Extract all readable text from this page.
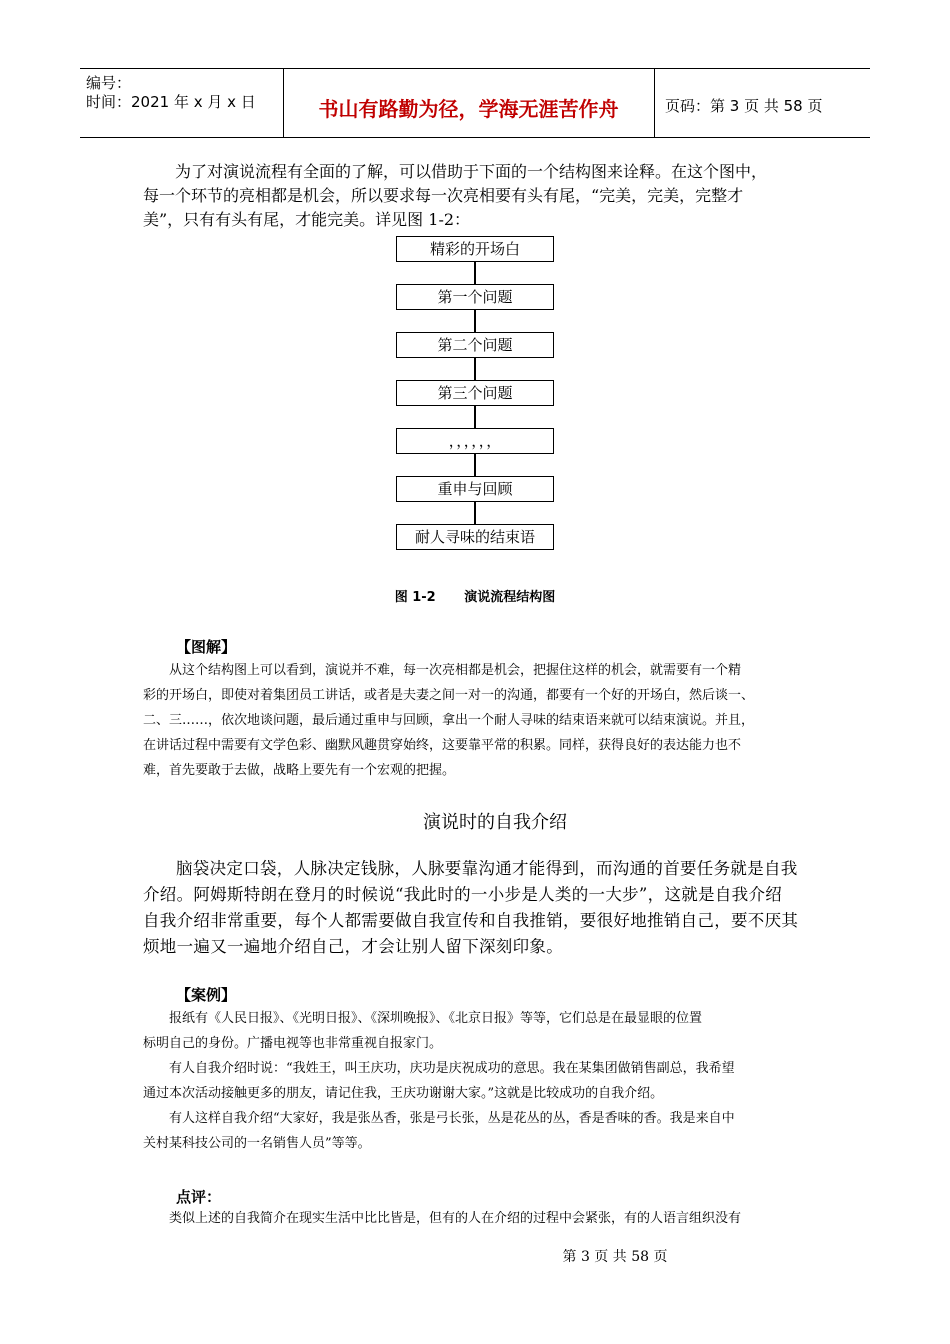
编号：
时间：2021 年 x 月 x 日	书山有路勤为径，学海无涯苦作舟	页码：第 3 页 共 58 页
为了对演说流程有全面的了解，可以借助于下面的一个结构图来诠释。在这个图中，
每一个环节的亮相都是机会，所以要求每一次亮相要有头有尾，“完美，完美，完整才
美”，只有有头有尾，才能完美。详见图 1-2：
精彩的开场白
第一个问题
第二个问题
第三个问题
，，，，，，
重申与回顾
耐人寻味的结束语
图 1-2 演说流程结构图
【图解】
从这个结构图上可以看到，演说并不难，每一次亮相都是机会，把握住这样的机会，就需要有一个精
彩的开场白，即使对着集团员工讲话，或者是夫妻之间一对一的沟通，都要有一个好的开场白，然后谈一、
二、三……，依次地谈问题，最后通过重申与回顾，拿出一个耐人寻味的结束语来就可以结束演说。并且，
在讲话过程中需要有文学色彩、幽默风趣贯穿始终，这要靠平常的积累。同样，获得良好的表达能力也不
难，首先要敢于去做，战略上要先有一个宏观的把握。
演说时的自我介绍
脑袋决定口袋，人脉决定钱脉，人脉要靠沟通才能得到，而沟通的首要任务就是自我
介绍。阿姆斯特朗在登月的时候说“我此时的一小步是人类的一大步”，这就是自我介绍
自我介绍非常重要，每个人都需要做自我宣传和自我推销，要很好地推销自己，要不厌其
烦地一遍又一遍地介绍自己，才会让别人留下深刻印象。
【案例】
报纸有《人民日报》、《光明日报》、《深圳晚报》、《北京日报》等等，它们总是在最显眼的位置
标明自己的身份。广播电视等也非常重视自报家门。
有人自我介绍时说：“我姓王，叫王庆功，庆功是庆祝成功的意思。我在某集团做销售副总，我希望
通过本次活动接触更多的朋友，请记住我，王庆功谢谢大家。”这就是比较成功的自我介绍。
有人这样自我介绍“大家好，我是张丛香，张是弓长张，丛是花丛的丛，香是香味的香。我是来自中
关村某科技公司的一名销售人员”等等。
点评：
类似上述的自我简介在现实生活中比比皆是，但有的人在介绍的过程中会紧张，有的人语言组织没有
第 3 页 共 58 页
